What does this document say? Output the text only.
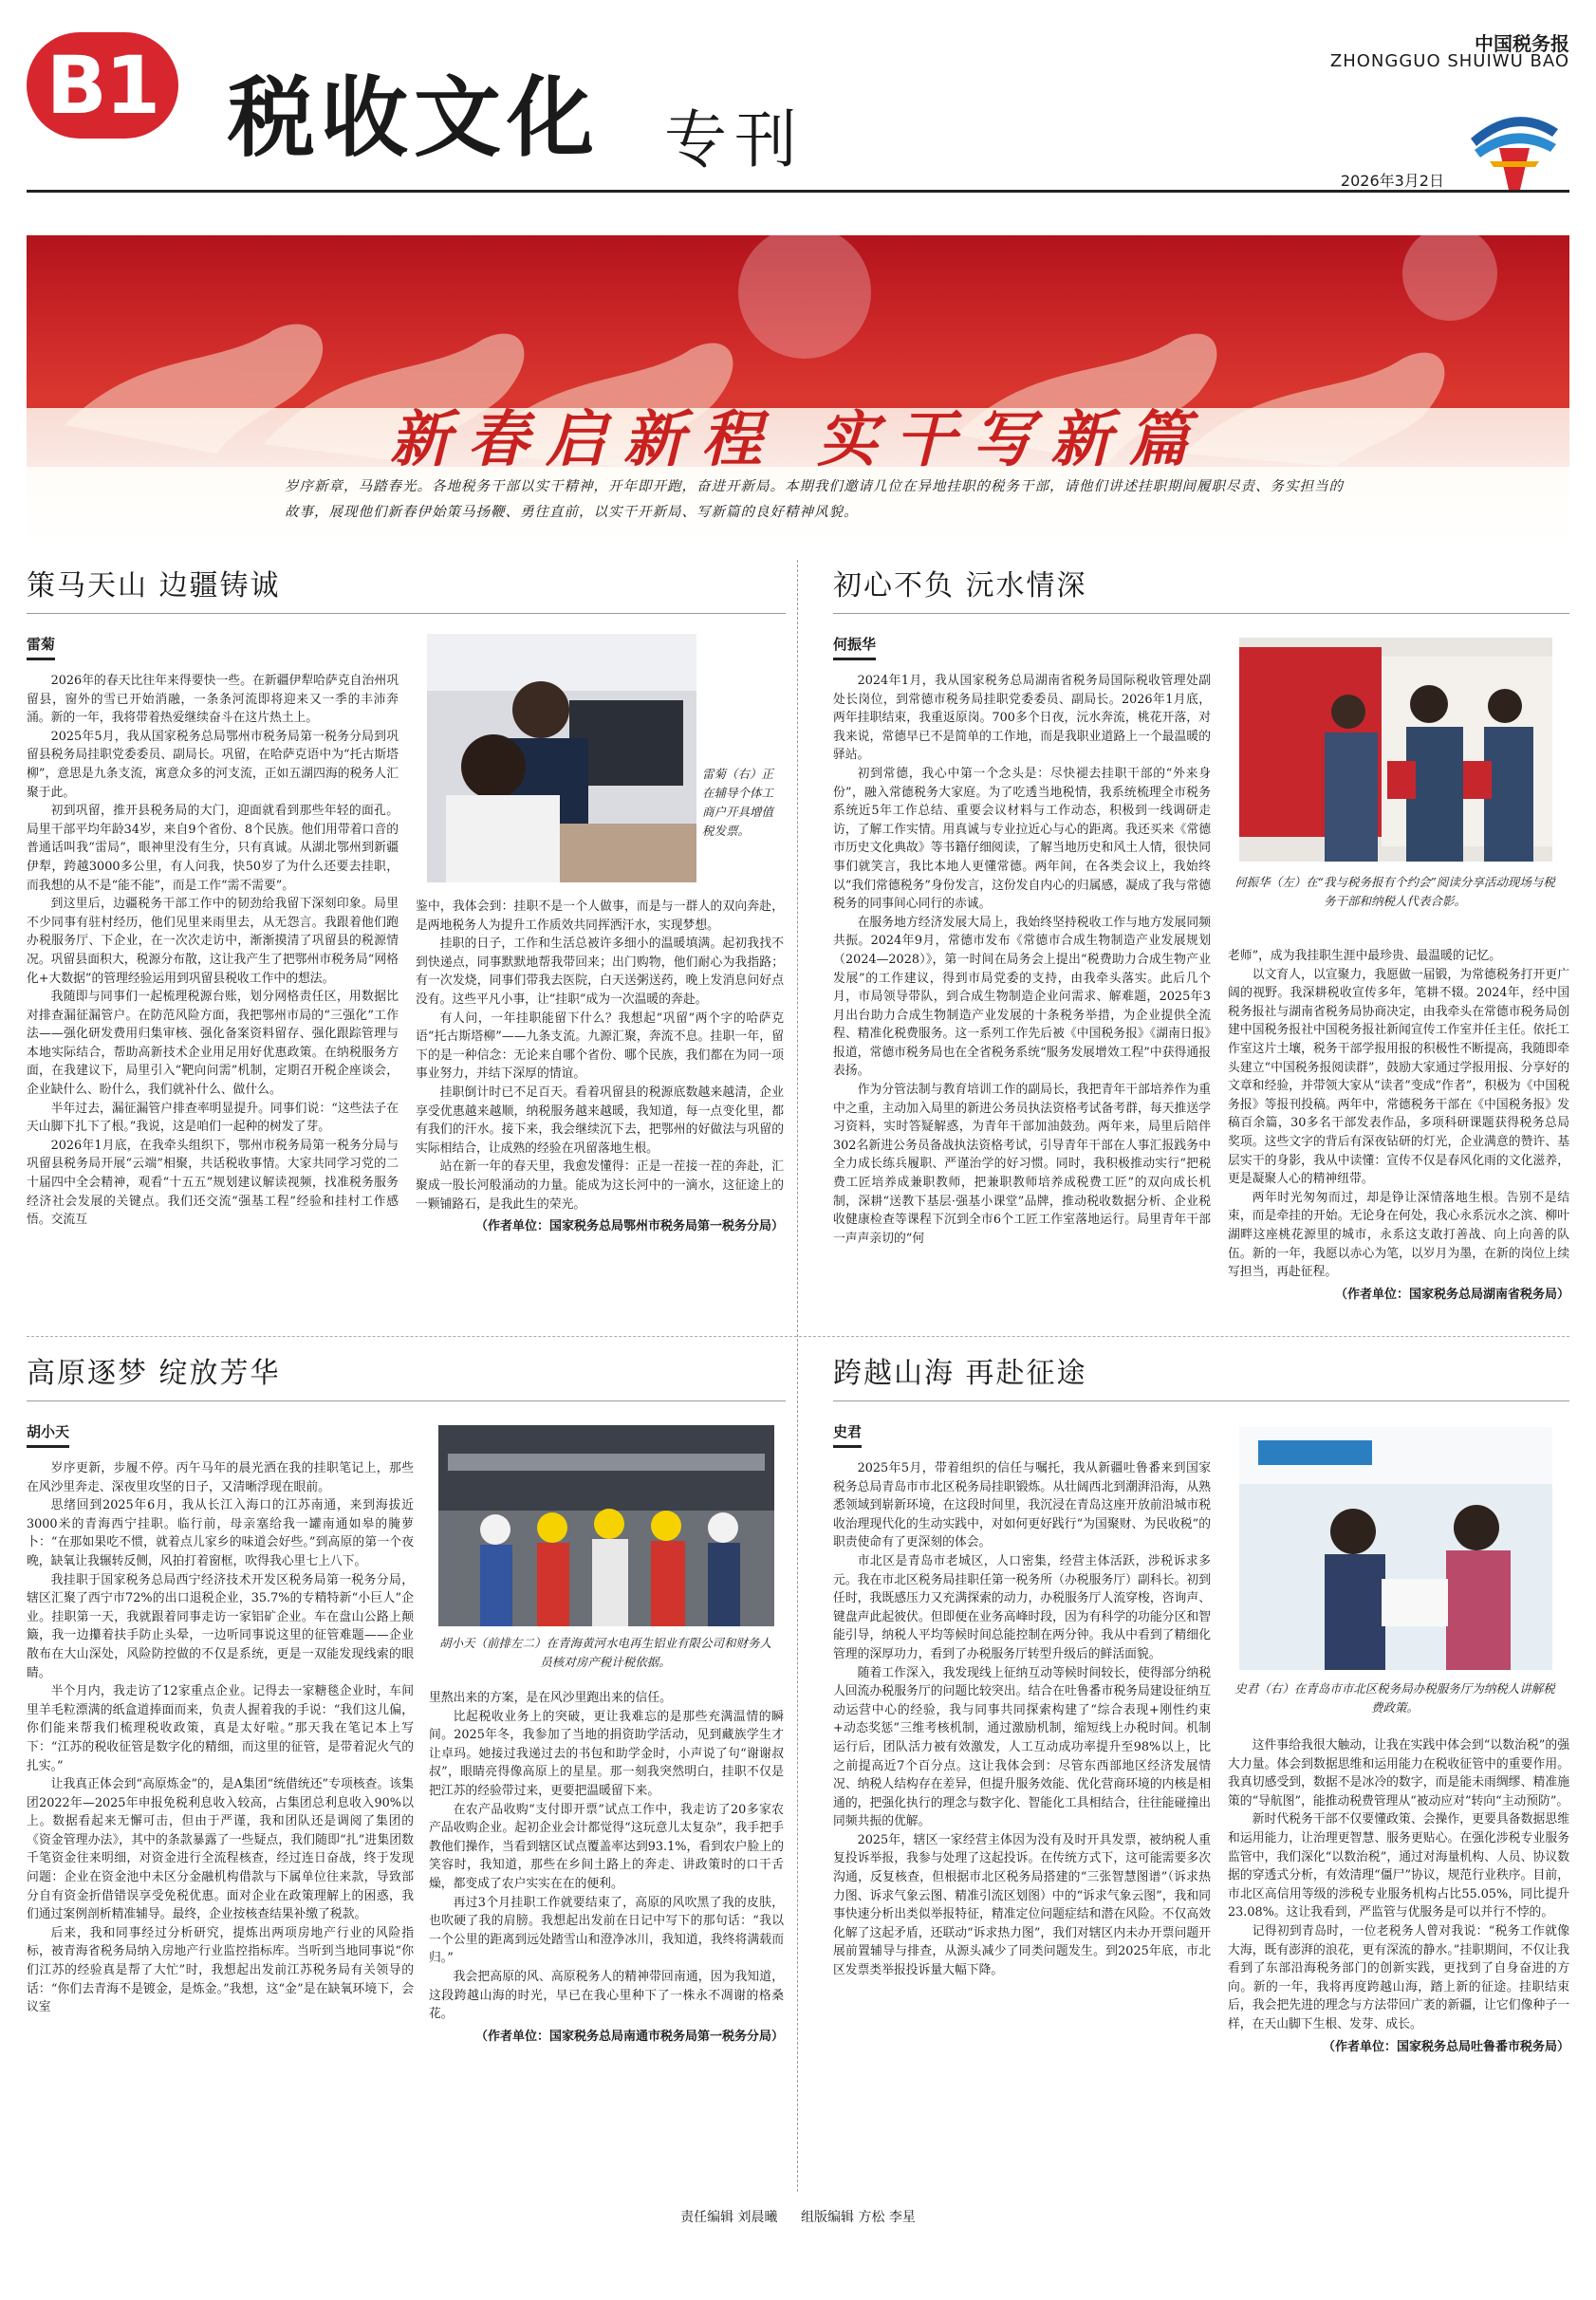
B1 税收文化 专刊
中国税务报
ZHONGGUO SHUIWU BAO
2026年3月2日
新春启新程 实干写新篇
岁序新章，马踏春光。各地税务干部以实干精神，开年即开跑，奋进开新局。本期我们邀请几位在异地挂职的税务干部，请他们讲述挂职期间履职尽责、务实担当的故事，展现他们新春伊始策马扬鞭、勇往直前，以实干开新局、写新篇的良好精神风貌。
策马天山 边疆铸诚
雷菊
雷菊（右）正在辅导个体工商户开具增值税发票。

2026年的春天比往年来得要快一些。在新疆伊犁哈萨克自治州巩留县，窗外的雪已开始消融，一条条河流即将迎来又一季的丰沛奔涌。新的一年，我将带着热爱继续奋斗在这片热土上。

2025年5月，我从国家税务总局鄂州市税务局第一税务分局到巩留县税务局挂职党委委员、副局长。巩留，在哈萨克语中为“托古斯塔柳”，意思是九条支流，寓意众多的河支流，正如五湖四海的税务人汇聚于此。

初到巩留，推开县税务局的大门，迎面就看到那些年轻的面孔。局里干部平均年龄34岁，来自9个省份、8个民族。他们用带着口音的普通话叫我“雷局”，眼神里没有生分，只有真诚。从湖北鄂州到新疆伊犁，跨越3000多公里，有人问我，快50岁了为什么还要去挂职，而我想的从不是“能不能”，而是工作“需不需要”。

到这里后，边疆税务干部工作中的韧劲给我留下深刻印象。局里不少同事有驻村经历，他们见里来雨里去，从无怨言。我跟着他们跑办税服务厅、下企业，在一次次走访中，渐渐摸清了巩留县的税源情况。巩留县面积大，税源分布散，这让我产生了把鄂州市税务局“网格化+大数据”的管理经验运用到巩留县税收工作中的想法。

我随即与同事们一起梳理税源台账，划分网格责任区，用数据比对排查漏征漏管户。在防范风险方面，我把鄂州市局的“三强化”工作法——强化研发费用归集审核、强化备案资料留存、强化跟踪管理与本地实际结合，帮助高新技术企业用足用好优惠政策。在纳税服务方面，在我建议下，局里引入“靶向问需”机制，定期召开税企座谈会，企业缺什么、盼什么，我们就补什么、做什么。

半年过去，漏征漏管户排查率明显提升。同事们说：“这些法子在天山脚下扎下了根。”我说，这是咱们一起种的树发了芽。

2026年1月底，在我牵头组织下，鄂州市税务局第一税务分局与巩留县税务局开展“云端”相聚，共话税收事情。大家共同学习党的二十届四中全会精神，观看“十五五”规划建议解读视频，找准税务服务经济社会发展的关键点。我们还交流“强基工程”经验和挂村工作感悟。交流互

鉴中，我体会到：挂职不是一个人做事，而是与一群人的双向奔赴，是两地税务人为提升工作质效共同挥洒汗水，实现梦想。

挂职的日子，工作和生活总被许多细小的温暖填满。起初我找不到快递点，同事默默地帮我带回来；出门购物，他们耐心为我指路；有一次发烧，同事们带我去医院，白天送粥送药，晚上发消息问好点没有。这些平凡小事，让“挂职”成为一次温暖的奔赴。

有人问，一年挂职能留下什么？我想起“巩留”两个字的哈萨克语“托古斯塔柳”——九条支流。九源汇聚，奔流不息。挂职一年，留下的是一种信念：无论来自哪个省份、哪个民族，我们都在为同一项事业努力，并结下深厚的情谊。

挂职倒计时已不足百天。看着巩留县的税源底数越来越清，企业享受优惠越来越顺，纳税服务越来越暖，我知道，每一点变化里，都有我们的汗水。接下来，我会继续沉下去，把鄂州的好做法与巩留的实际相结合，让成熟的经验在巩留落地生根。

站在新一年的春天里，我愈发懂得：正是一茬接一茬的奔赴，汇聚成一股长河般涌动的力量。能成为这长河中的一滴水，这征途上的一颗铺路石，是我此生的荣光。

（作者单位：国家税务总局鄂州市税务局第一税务分局）
初心不负 沅水情深
何振华
何振华（左）在“我与税务报有个约会”阅读分享活动现场与税务干部和纳税人代表合影。

2024年1月，我从国家税务总局湖南省税务局国际税收管理处副处长岗位，到常德市税务局挂职党委委员、副局长。2026年1月底，两年挂职结束，我重返原岗。700多个日夜，沅水奔流，桃花开落，对我来说，常德早已不是简单的工作地，而是我职业道路上一个最温暖的驿站。

初到常德，我心中第一个念头是：尽快褪去挂职干部的“外来身份”，融入常德税务大家庭。为了吃透当地税情，我系统梳理全市税务系统近5年工作总结、重要会议材料与工作动态，积极到一线调研走访，了解工作实情。用真诚与专业拉近心与心的距离。我还买来《常德市历史文化典故》等书籍仔细阅读，了解当地历史和风土人情，很快同事们就笑言，我比本地人更懂常德。两年间，在各类会议上，我始终以“我们常德税务”身份发言，这份发自内心的归属感，凝成了我与常德税务的同事间心同行的赤诚。

在服务地方经济发展大局上，我始终坚持税收工作与地方发展同频共振。2024年9月，常德市发布《常德市合成生物制造产业发展规划（2024—2028）》，第一时间在局务会上提出“税费助力合成生物产业发展”的工作建议，得到市局党委的支持，由我牵头落实。此后几个月，市局领导带队，到合成生物制造企业问需求、解难题，2025年3月出台助力合成生物制造产业发展的十条税务举措，为企业提供全流程、精准化税费服务。这一系列工作先后被《中国税务报》《湖南日报》报道，常德市税务局也在全省税务系统“服务发展增效工程”中获得通报表扬。

作为分管法制与教育培训工作的副局长，我把青年干部培养作为重中之重，主动加入局里的新进公务员执法资格考试备考群，每天推送学习资料，实时答疑解惑，为青年干部加油鼓劲。两年来，局里后陪伴302名新进公务员备战执法资格考试，引导青年干部在人事汇报践务中全力成长练兵履职、严谨治学的好习惯。同时，我积极推动实行“把税费工匠培养成兼职教师，把兼职教师培养成税费工匠”的双向成长机制，深耕“送教下基层·强基小课堂”品牌，推动税收数据分析、企业税收健康检查等课程下沉到全市6个工匠工作室落地运行。局里青年干部一声声亲切的“何

老师”，成为我挂职生涯中最珍贵、最温暖的记忆。

以文育人，以宣聚力，我愿做一届锻，为常德税务打开更广阔的视野。我深耕税收宣传多年，笔耕不辍。2024年，经中国税务报社与湖南省税务局协商决定，由我牵头在常德市税务局创建中国税务报社中国税务报社新闻宣传工作室并任主任。依托工作室这片土壤，税务干部学报用报的积极性不断提高，我随即牵头建立“中国税务报阅读群”，鼓励大家通过学报用报、分享好的文章和经验，并带领大家从“读者”变成“作者”，积极为《中国税务报》等报刊投稿。两年中，常德税务干部在《中国税务报》发稿百余篇，30多名干部发表作品，多项科研课题获得税务总局奖项。这些文字的背后有深夜钻研的灯光，企业满意的赞许、基层实干的身影，我从中读懂：宣传不仅是春风化雨的文化滋养，更是凝聚人心的精神纽带。

两年时光匆匆而过，却是铮让深情落地生根。告别不是结束，而是牵挂的开始。无论身在何处，我心永系沅水之滨、柳叶湖畔这座桃花源里的城市，永系这支敢打善战、向上向善的队伍。新的一年，我愿以赤心为笔，以岁月为墨，在新的岗位上续写担当，再赴征程。

（作者单位：国家税务总局湖南省税务局）
高原逐梦 绽放芳华
胡小天
胡小天（前排左二）在青海黄河水电再生铝业有限公司和财务人员核对房产税计税依据。

岁序更新，步履不停。丙午马年的晨光洒在我的挂职笔记上，那些在风沙里奔走、深夜里攻坚的日子，又清晰浮现在眼前。

思绪回到2025年6月，我从长江入海口的江苏南通，来到海拔近3000米的青海西宁挂职。临行前，母亲塞给我一罐南通如皋的腌萝卜：“在那如果吃不惯，就着点儿家乡的味道会好些。”到高原的第一个夜晚，缺氧让我辗转反侧，风拍打着窗框，吹得我心里七上八下。

我挂职于国家税务总局西宁经济技术开发区税务局第一税务分局，辖区汇聚了西宁市72%的出口退税企业，35.7%的专精特新“小巨人”企业。挂职第一天，我就跟着同事走访一家铝矿企业。车在盘山公路上颠簸，我一边攥着扶手防止头晕，一边听同事说这里的征管难题——企业散布在大山深处，风险防控做的不仅是系统，更是一双能发现线索的眼睛。

半个月内，我走访了12家重点企业。记得去一家糖毯企业时，车间里羊毛粒漂满的纸盒道捧面而来，负责人握着我的手说：“我们这儿偏，你们能来帮我们梳理税收政策，真是太好啦。”那天我在笔记本上写下：“江苏的税收征管是数字化的精细，而这里的征管，是带着泥火气的扎实。”

让我真正体会到“高原炼金”的，是A集团“统借统还”专项核查。该集团2022年—2025年申报免税利息收入较高，占集团总利息收入90%以上。数据看起来无懈可击，但由于严谨，我和团队还是调阅了集团的《资金管理办法》，其中的条款暴露了一些疑点，我们随即“扎”进集团数千笔资金往来明细，对资金进行全流程核查，经过连日奋战，终于发现问题：企业在资金池中未区分金融机构借款与下属单位往来款，导致部分自有资金折借错误享受免税优惠。面对企业在政策理解上的困惑，我们通过案例剖析精准辅导。最终，企业按核查结果补缴了税款。

后来，我和同事经过分析研究，提炼出两项房地产行业的风险指标，被青海省税务局纳入房地产行业监控指标库。当听到当地同事说“你们江苏的经验真是帮了大忙”时，我想起出发前江苏税务局有关领导的话：“你们去青海不是镀金，是炼金。”我想，这“金”是在缺氧环境下，会议室

里熬出来的方案，是在风沙里跑出来的信任。

比起税收业务上的突破，更让我难忘的是那些充满温情的瞬间。2025年冬，我参加了当地的捐资助学活动，见到藏族学生才让卓玛。她接过我递过去的书包和助学金时，小声说了句“谢谢叔叔”，眼睛亮得像高原上的星星。那一刻我突然明白，挂职不仅是把江苏的经验带过来，更要把温暖留下来。

在农产品收购“支付即开票”试点工作中，我走访了20多家农产品收购企业。起初企业会计都觉得“这玩意儿太复杂”，我手把手教他们操作，当看到辖区试点覆盖率达到93.1%，看到农户脸上的笑容时，我知道，那些在乡间土路上的奔走、讲政策时的口干舌燥，都变成了农户实实在在的便利。

再过3个月挂职工作就要结束了，高原的风吹黑了我的皮肤，也吹硬了我的肩膀。我想起出发前在日记中写下的那句话：“我以一个公里的距离到远处踏雪山和澄净冰川，我知道，我终将满载而归。”

我会把高原的风、高原税务人的精神带回南通，因为我知道，这段跨越山海的时光，早已在我心里种下了一株永不凋谢的格桑花。

（作者单位：国家税务总局南通市税务局第一税务分局）
跨越山海 再赴征途
史君
史君（右）在青岛市市北区税务局办税服务厅为纳税人讲解税费政策。

2025年5月，带着组织的信任与嘱托，我从新疆吐鲁番来到国家税务总局青岛市市北区税务局挂职锻炼。从壮阔西北到潮湃沿海，从熟悉领域到崭新环境，在这段时间里，我沉浸在青岛这座开放前沿城市税收治理现代化的生动实践中，对如何更好践行“为国聚财、为民收税”的职责使命有了更深刻的体会。

市北区是青岛市老城区，人口密集，经营主体活跃，涉税诉求多元。我在市北区税务局挂职任第一税务所（办税服务厅）副科长。初到任时，我既感压力又充满探索的动力，办税服务厅人流穿梭，咨询声、键盘声此起彼伏。但即便在业务高峰时段，因为有科学的功能分区和智能引导，纳税人平均等候时间总能控制在两分钟。我从中看到了精细化管理的深厚功力，看到了办税服务厅转型升级后的鲜活面貌。

随着工作深入，我发现线上征纳互动等候时间较长，使得部分纳税人回流办税服务厅的问题比较突出。结合在吐鲁番市税务局建设征纳互动运营中心的经验，我与同事共同探索构建了“综合表现+刚性约束+动态奖惩”三维考核机制，通过激励机制，缩短线上办税时间。机制运行后，团队活力被有效激发，人工互动成功率提升至98%以上，比之前提高近7个百分点。这让我体会到：尽管东西部地区经济发展情况、纳税人结构存在差异，但提升服务效能、优化营商环境的内核是相通的，把强化执行的理念与数字化、智能化工具相结合，往往能碰撞出同频共振的优解。

2025年，辖区一家经营主体因为没有及时开具发票，被纳税人重复投诉举报，我参与处理了这起投诉。在传统方式下，这可能需要多次沟通，反复核查，但根据市北区税务局搭建的“三张智慧图谱”（诉求热力图、诉求气象云图、精准引流区划图）中的“诉求气象云图”，我和同事快速分析出类似举报特征，精准定位问题症结和潜在风险。不仅高效化解了这起矛盾，还联动“诉求热力图”，我们对辖区内未办开票问题开展前置辅导与排查，从源头减少了同类问题发生。到2025年底，市北区发票类举报投诉量大幅下降。

这件事给我很大触动，让我在实践中体会到“以数治税”的强大力量。体会到数据思维和运用能力在税收征管中的重要作用。我真切感受到，数据不是冰冷的数字，而是能未雨绸缪、精准施策的“导航图”，能推动税费管理从“被动应对”转向“主动预防”。

新时代税务干部不仅要懂政策、会操作，更要具备数据思维和运用能力，让治理更智慧、服务更贴心。在强化涉税专业服务监管中，我们深化“以数治税”，通过对海量机构、人员、协议数据的穿透式分析，有效清理“僵尸”协议，规范行业秩序。目前，市北区高信用等级的涉税专业服务机构占比55.05%，同比提升23.08%。这让我看到，严监管与优服务是可以并行不悖的。

记得初到青岛时，一位老税务人曾对我说：“税务工作就像大海，既有澎湃的浪花，更有深流的静水。”挂职期间，不仅让我看到了东部沿海税务部门的创新实践，更找到了自身奋进的方向。新的一年，我将再度跨越山海，踏上新的征途。挂职结束后，我会把先进的理念与方法带回广袤的新疆，让它们像种子一样，在天山脚下生根、发芽、成长。

（作者单位：国家税务总局吐鲁番市税务局）
责任编辑 刘晨曦 组版编辑 方松 李星
